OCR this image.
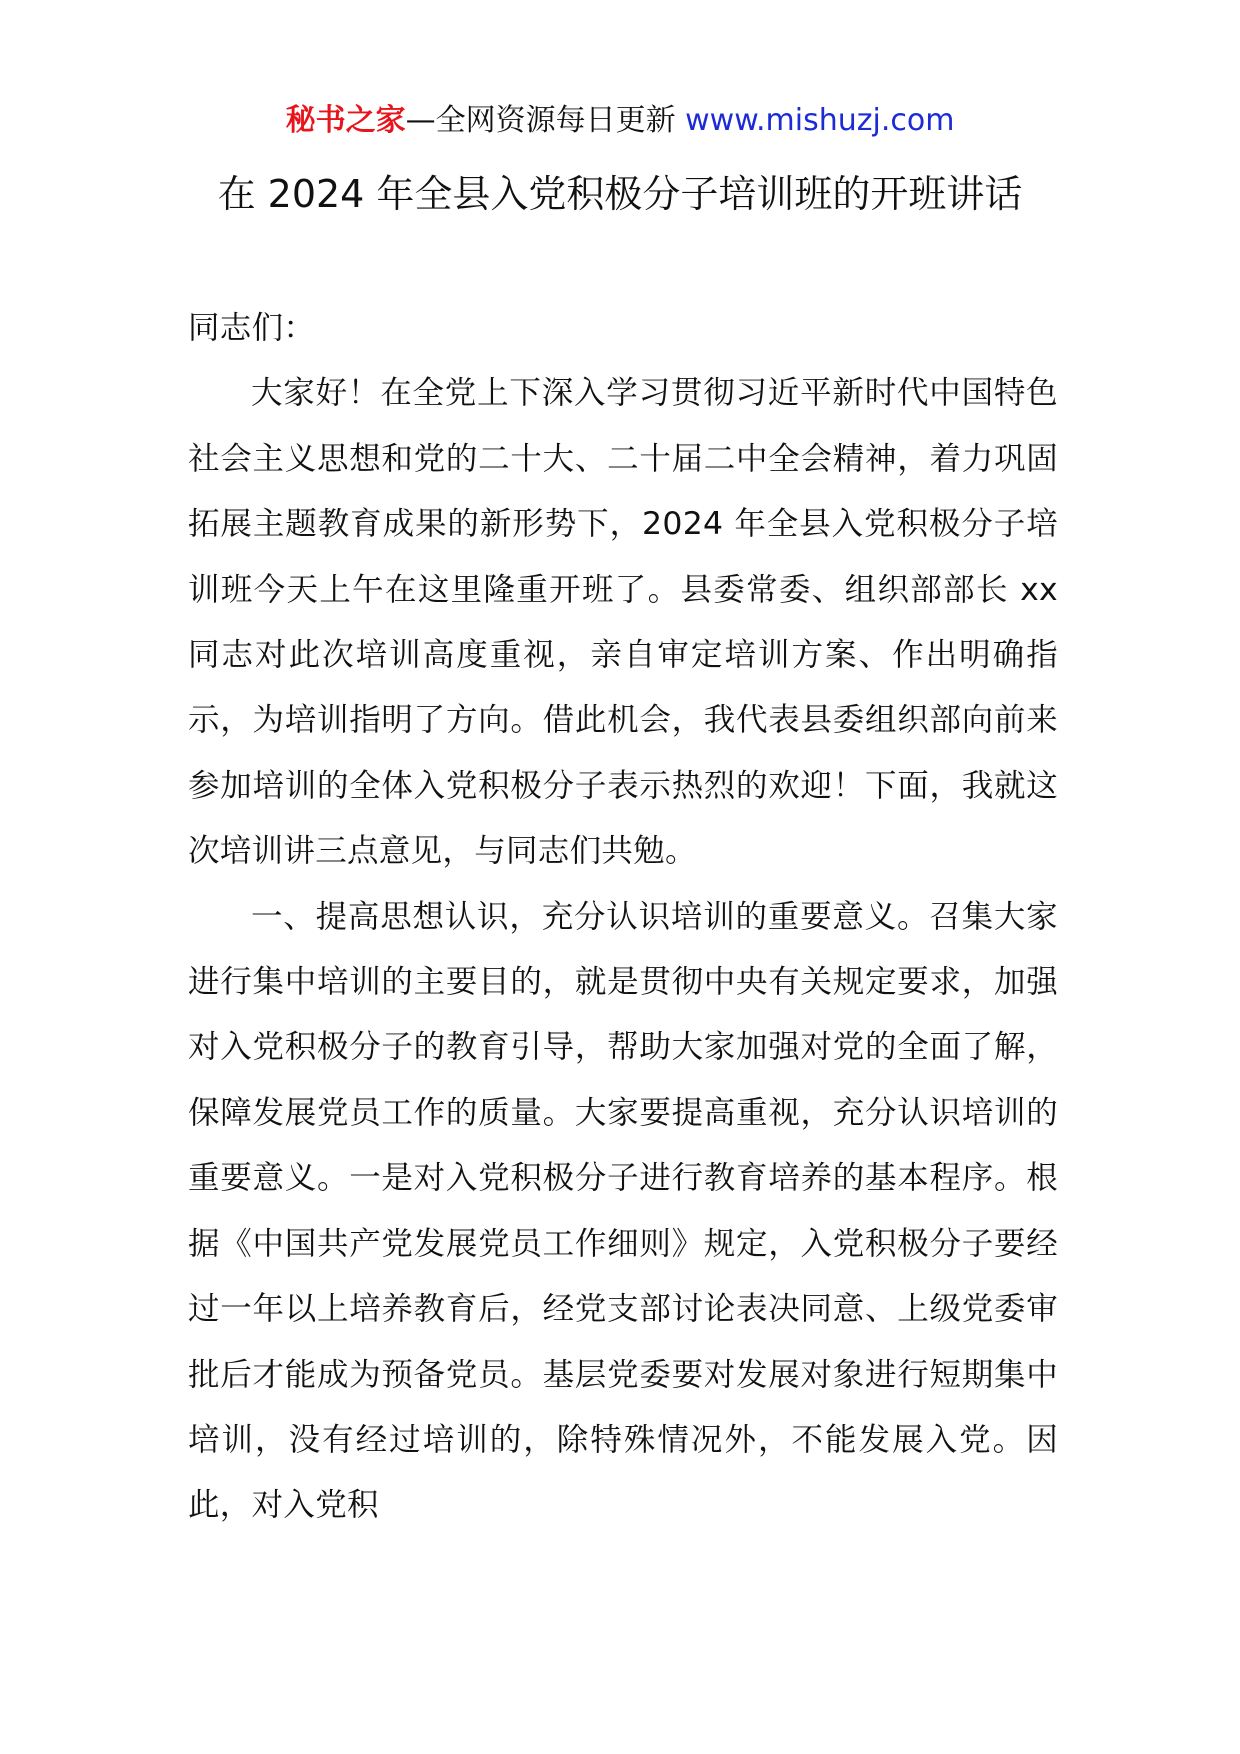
秘书之家—全网资源每日更新 www.mishuzj.com
在 2024 年全县入党积极分子培训班的开班讲话

同志们：

大家好！在全党上下深入学习贯彻习近平新时代中国特色社会主义思想和党的二十大、二十届二中全会精神，着力巩固拓展主题教育成果的新形势下，2024 年全县入党积极分子培训班今天上午在这里隆重开班了。县委常委、组织部部长 xx 同志对此次培训高度重视，亲自审定培训方案、作出明确指示，为培训指明了方向。借此机会，我代表县委组织部向前来参加培训的全体入党积极分子表示热烈的欢迎！下面，我就这次培训讲三点意见，与同志们共勉。

一、提高思想认识，充分认识培训的重要意义。召集大家进行集中培训的主要目的，就是贯彻中央有关规定要求，加强对入党积极分子的教育引导，帮助大家加强对党的全面了解，保障发展党员工作的质量。大家要提高重视，充分认识培训的重要意义。一是对入党积极分子进行教育培养的基本程序。根据《中国共产党发展党员工作细则》规定，入党积极分子要经过一年以上培养教育后，经党支部讨论表决同意、上级党委审批后才能成为预备党员。基层党委要对发展对象进行短期集中培训，没有经过培训的，除特殊情况外，不能发展入党。因此，对入党积
